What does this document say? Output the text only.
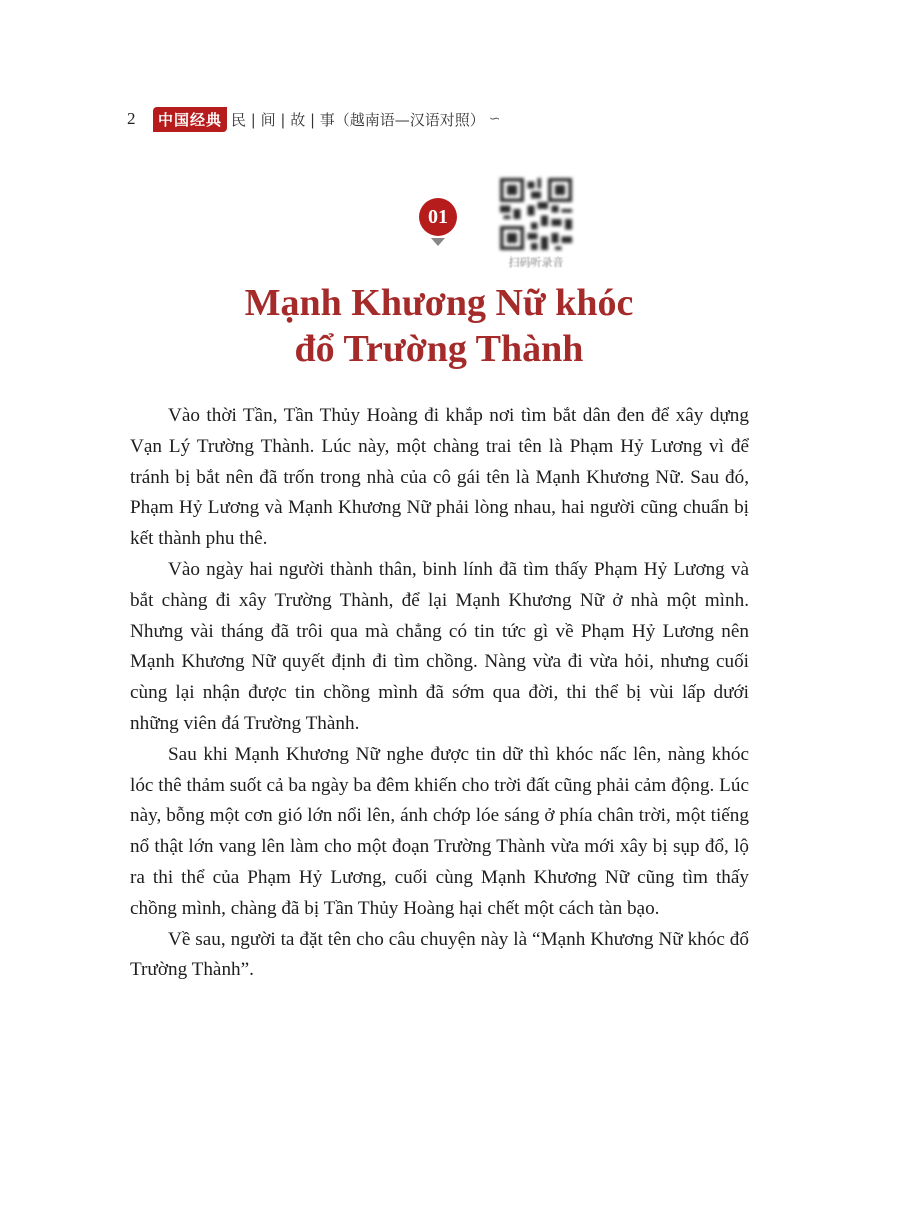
2	中国经典 民 | 间 | 故 | 事（越南语—汉语对照） ∽
01
扫码听录音
Mạnh Khương Nữ khóc
đổ Trường Thành

Vào thời Tần, Tần Thủy Hoàng đi khắp nơi tìm bắt dân đen để xây dựng Vạn Lý Trường Thành. Lúc này, một chàng trai tên là Phạm Hỷ Lương vì để tránh bị bắt nên đã trốn trong nhà của cô gái tên là Mạnh Khương Nữ. Sau đó, Phạm Hỷ Lương và Mạnh Khương Nữ phải lòng nhau, hai người cũng chuẩn bị kết thành phu thê.

Vào ngày hai người thành thân, binh lính đã tìm thấy Phạm Hỷ Lương và bắt chàng đi xây Trường Thành, để lại Mạnh Khương Nữ ở nhà một mình. Nhưng vài tháng đã trôi qua mà chẳng có tin tức gì về Phạm Hỷ Lương nên Mạnh Khương Nữ quyết định đi tìm chồng. Nàng vừa đi vừa hỏi, nhưng cuối cùng lại nhận được tin chồng mình đã sớm qua đời, thi thể bị vùi lấp dưới những viên đá Trường Thành.

Sau khi Mạnh Khương Nữ nghe được tin dữ thì khóc nấc lên, nàng khóc lóc thê thảm suốt cả ba ngày ba đêm khiến cho trời đất cũng phải cảm động. Lúc này, bỗng một cơn gió lớn nổi lên, ánh chớp lóe sáng ở phía chân trời, một tiếng nổ thật lớn vang lên làm cho một đoạn Trường Thành vừa mới xây bị sụp đổ, lộ ra thi thể của Phạm Hỷ Lương, cuối cùng Mạnh Khương Nữ cũng tìm thấy chồng mình, chàng đã bị Tần Thủy Hoàng hại chết một cách tàn bạo.

Về sau, người ta đặt tên cho câu chuyện này là “Mạnh Khương Nữ khóc đổ Trường Thành”.
